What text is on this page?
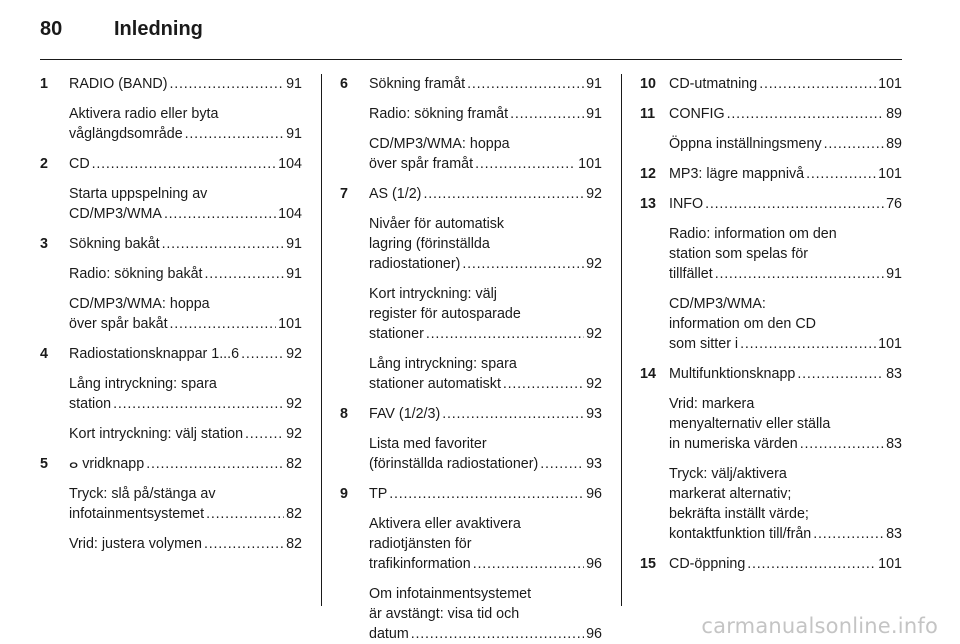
80	Inledning
1 RADIO (BAND) . . .	91
Aktivera radio eller byta
våglängdsområde . . .	91
2 CD . . .	104
Starta uppspelning av
CD/MP3/WMA . . .	104
3 Sökning bakåt . . .	91
Radio: sökning bakåt . . .	91
CD/MP3/WMA: hoppa
över spår bakåt . . .	101
4 Radiostationsknappar 1...6 . . .	92
Lång intryckning: spara
station . . .	92
Kort intryckning: välj station . . .	92
5 ⴰ vridknapp . . .	82
Tryck: slå på/stänga av
infotainmentsystemet . . .	82
Vrid: justera volymen . . .	82
6 Sökning framåt . . .	91
Radio: sökning framåt . . .	91
CD/MP3/WMA: hoppa
över spår framåt . . .	101
7 AS (1/2) . . .	92
Nivåer för automatisk
lagring (förinställda
radiostationer) . . .	92
Kort intryckning: välj
register för autosparade
stationer . . .	92
Lång intryckning: spara
stationer automatiskt . . .	92
8 FAV (1/2/3) . . .	93
Lista med favoriter
(förinställda radiostationer) . . .	93
9 TP . . .	96
Aktivera eller avaktivera
radiotjänsten för
trafikinformation . . .	96
Om infotainmentsystemet
är avstängt: visa tid och
datum . . .	96
10 CD-utmatning . . .	101
11 CONFIG . . .	89
Öppna inställningsmeny . . .	89
12 MP3: lägre mappnivå . . .	101
13 INFO . . .	76
Radio: information om den
station som spelas för
tillfället . . .	91
CD/MP3/WMA:
information om den CD
som sitter i . . .	101
14 Multifunktionsknapp . . .	83
Vrid: markera
menyalternativ eller ställa
in numeriska värden . . .	83
Tryck: välj/aktivera
markerat alternativ;
bekräfta inställt värde;
kontaktfunktion till/från . . .	83
15 CD-öppning . . .	101
carmanualsonline.info
